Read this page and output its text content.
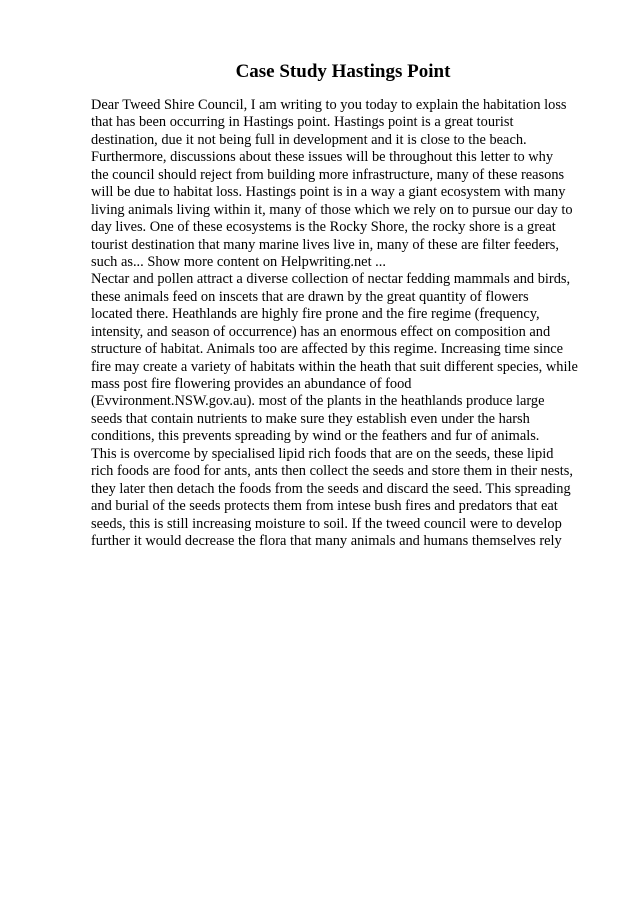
Case Study Hastings Point
Dear Tweed Shire Council, I am writing to you today to explain the habitation loss
that has been occurring in Hastings point. Hastings point is a great tourist
destination, due it not being full in development and it is close to the beach.
Furthermore, discussions about these issues will be throughout this letter to why
the council should reject from building more infrastructure, many of these reasons
will be due to habitat loss. Hastings point is in a way a giant ecosystem with many
living animals living within it, many of those which we rely on to pursue our day to
day lives. One of these ecosystems is the Rocky Shore, the rocky shore is a great
tourist destination that many marine lives live in, many of these are filter feeders,
such as... Show more content on Helpwriting.net ...
Nectar and pollen attract a diverse collection of nectar fedding mammals and birds,
these animals feed on inscets that are drawn by the great quantity of flowers
located there. Heathlands are highly fire prone and the fire regime (frequency,
intensity, and season of occurrence) has an enormous effect on composition and
structure of habitat. Animals too are affected by this regime. Increasing time since
fire may create a variety of habitats within the heath that suit different species, while
mass post fire flowering provides an abundance of food
(Evvironment.NSW.gov.au). most of the plants in the heathlands produce large
seeds that contain nutrients to make sure they establish even under the harsh
conditions, this prevents spreading by wind or the feathers and fur of animals.
This is overcome by specialised lipid rich foods that are on the seeds, these lipid
rich foods are food for ants, ants then collect the seeds and store them in their nests,
they later then detach the foods from the seeds and discard the seed. This spreading
and burial of the seeds protects them from intese bush fires and predators that eat
seeds, this is still increasing moisture to soil. If the tweed council were to develop
further it would decrease the flora that many animals and humans themselves rely
